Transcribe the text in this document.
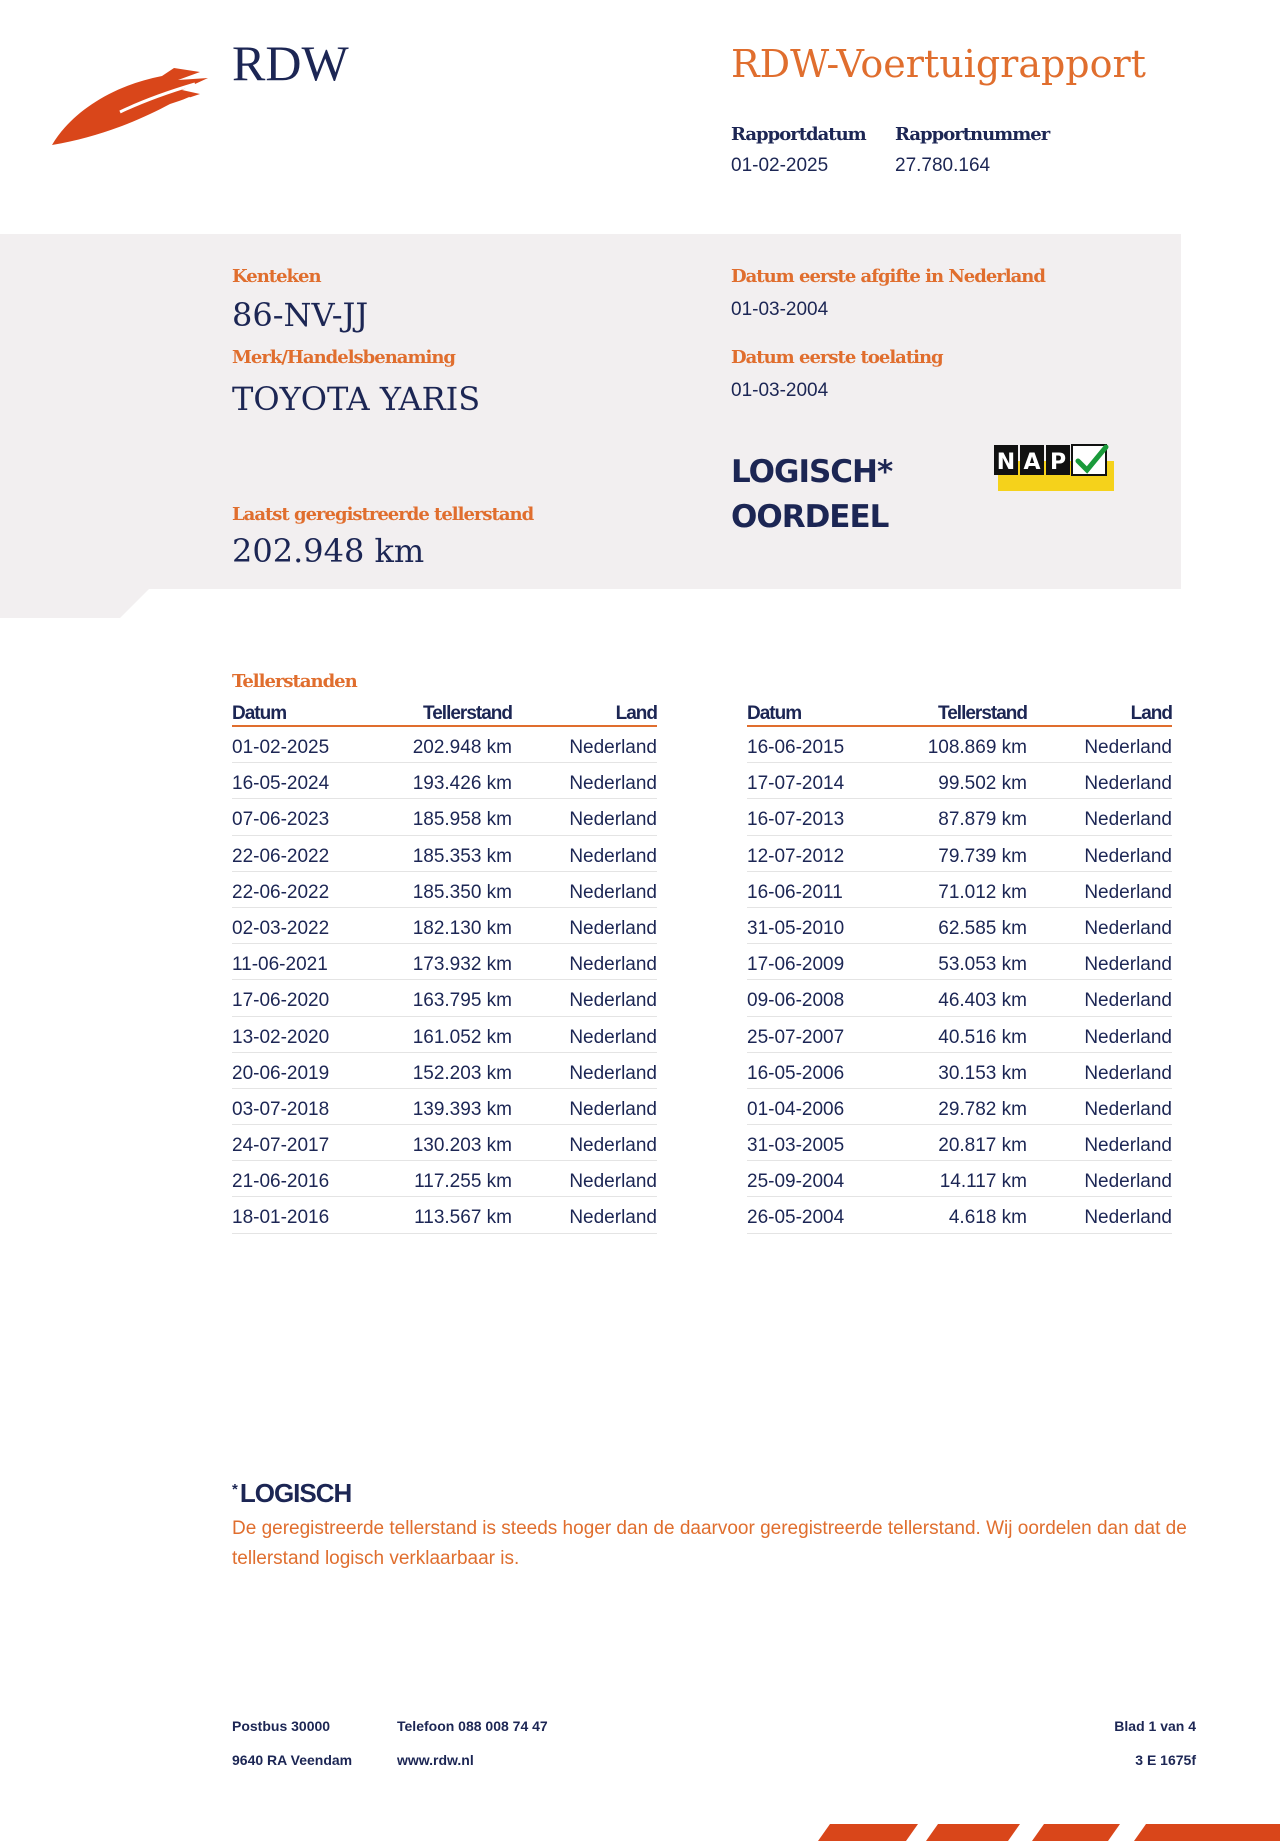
RDW	RDW-Voertuigrapport
Rapportdatum
01-02-2025
Rapportnummer
27.780.164
Kenteken
86-NV-JJ
Merk/Handelsbenaming
TOYOTA YARIS
Laatst geregistreerde tellerstand
202.948 km
Datum eerste afgifte in Nederland
01-03-2004
Datum eerste toelating
01-03-2004
LOGISCH*
OORDEEL
N A P
Tellerstanden
Datum	Tellerstand	Land
01-02-2025	202.948 km	Nederland
16-05-2024	193.426 km	Nederland
07-06-2023	185.958 km	Nederland
22-06-2022	185.353 km	Nederland
22-06-2022	185.350 km	Nederland
02-03-2022	182.130 km	Nederland
11-06-2021	173.932 km	Nederland
17-06-2020	163.795 km	Nederland
13-02-2020	161.052 km	Nederland
20-06-2019	152.203 km	Nederland
03-07-2018	139.393 km	Nederland
24-07-2017	130.203 km	Nederland
21-06-2016	117.255 km	Nederland
18-01-2016	113.567 km	Nederland
Datum	Tellerstand	Land
16-06-2015	108.869 km	Nederland
17-07-2014	99.502 km	Nederland
16-07-2013	87.879 km	Nederland
12-07-2012	79.739 km	Nederland
16-06-2011	71.012 km	Nederland
31-05-2010	62.585 km	Nederland
17-06-2009	53.053 km	Nederland
09-06-2008	46.403 km	Nederland
25-07-2007	40.516 km	Nederland
16-05-2006	30.153 km	Nederland
01-04-2006	29.782 km	Nederland
31-03-2005	20.817 km	Nederland
25-09-2004	14.117 km	Nederland
26-05-2004	4.618 km	Nederland
* LOGISCH
De geregistreerde tellerstand is steeds hoger dan de daarvoor geregistreerde tellerstand. Wij oordelen dan dat de tellerstand logisch verklaarbaar is.
Postbus 30000
9640 RA Veendam
Telefoon 088 008 74 47
www.rdw.nl
Blad 1 van 4
3 E 1675f
